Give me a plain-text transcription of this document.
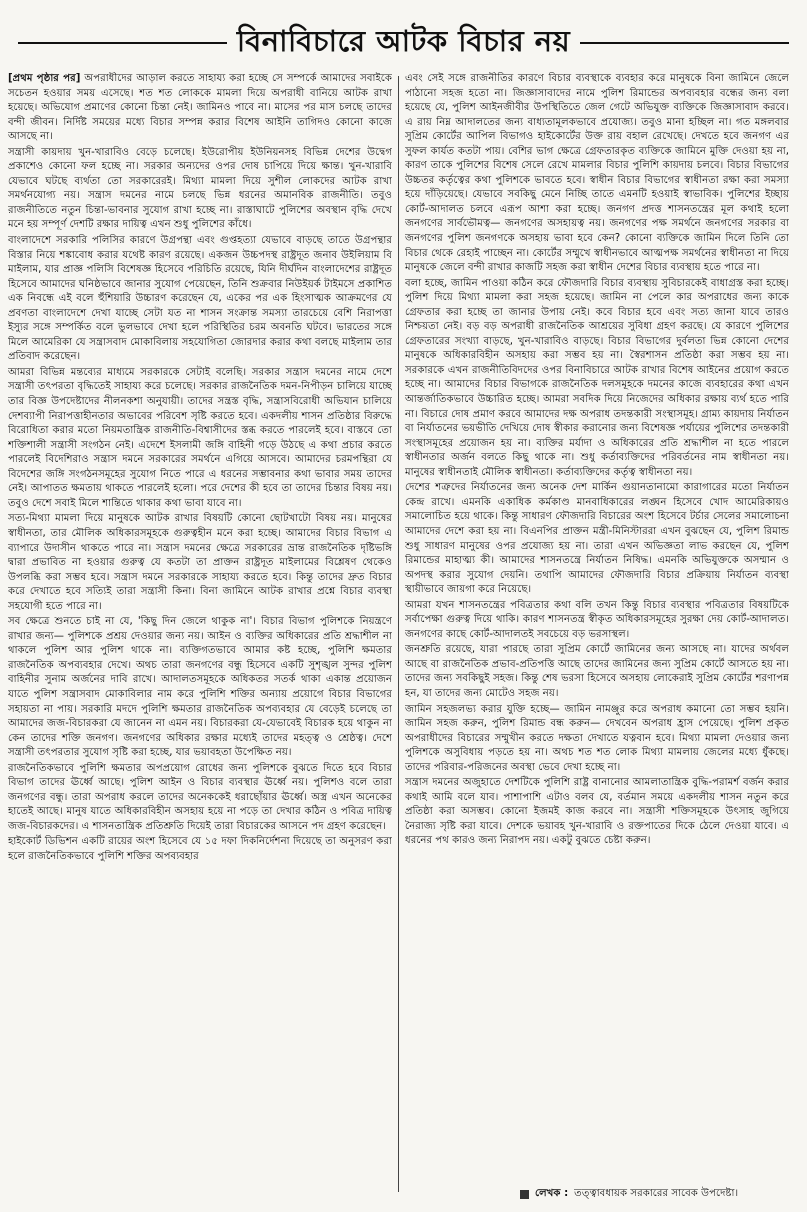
বিনাবিচারে আটক বিচার নয়

[প্রথম পৃষ্ঠার পর] অপরাধীদের আড়াল করতে সাহায্য করা হচ্ছে সে সম্পর্কে আমাদের সবাইকে সচেতন হওয়ার সময় এসেছে। শত শত লোককে মামলা দিয়ে অপরাধী বানিয়ে আটক রাখা হয়েছে। অভিযোগ প্রমাণের কোনো চিন্তা নেই। জামিনও পাবে না। মাসের পর মাস চলছে তাদের বন্দী জীবন। নির্দিষ্ট সময়ের মধ্যে বিচার সম্পন্ন করার বিশেষ আইনি তাগিদও কোনো কাজে আসছে না।

সন্ত্রাসী কায়দায় খুন-খারাবিও বেড়ে চলেছে। ইউরোপীয় ইউনিয়নসহ বিভিন্ন দেশের উদ্বেগ প্রকাশেও কোনো ফল হচ্ছে না। সরকার অন্যদের ওপর দোষ চাপিয়ে দিয়ে ক্ষান্ত। খুন-খারাবি যেভাবে ঘটছে ব্যর্থতা তো সরকারেরই। মিথ্যা মামলা দিয়ে সুশীল লোকদের আটক রাখা সমর্থনযোগ্য নয়। সন্ত্রাস দমনের নামে চলছে ভিন্ন ধরনের অমানবিক রাজনীতি। তবুও রাজনীতিতে নতুন চিন্তা-ভাবনার সুযোগ রাখা হচ্ছে না। রাস্তাঘাটে পুলিশের অবস্থান বৃদ্ধি দেখে মনে হয় সম্পূর্ণ দেশটি রক্ষার দায়িত্ব এখন শুধু পুলিশের কাঁধে।

বাংলাদেশে সরকারি পলিসির কারণে উগ্রপন্থা এবং গুপ্তহত্যা যেভাবে বাড়ছে তাতে উগ্রপন্থার বিস্তার নিয়ে শঙ্কাবোধ করার যথেষ্ট কারণ রয়েছে। একজন উচ্চপদস্থ রাষ্ট্রদূত জনাব উইলিয়াম বি মাইলাম, যার প্রাজ্ঞ পলিসি বিশেষজ্ঞ হিসেবে পরিচিতি রয়েছে, যিনি দীর্ঘদিন বাংলাদেশের রাষ্ট্রদূত হিসেবে আমাদের ঘনিষ্ঠভাবে জানার সুযোগ পেয়েছেন, তিনি শুক্রবার নিউইয়র্ক টাইমসে প্রকাশিত এক নিবন্ধে এই বলে হুঁশিয়ারি উচ্চারণ করেছেন যে, একের পর এক হিংসাত্মক আক্রমণের যে প্রবণতা বাংলাদেশে দেখা যাচ্ছে সেটা যত না শাসন সংক্রান্ত সমস্যা তারচেয়ে বেশি নিরাপত্তা ইস্যুর সঙ্গে সম্পর্কিত বলে ভুলভাবে দেখা হলে পরিস্থিতির চরম অবনতি ঘটবে। ভারতের সঙ্গে মিলে আমেরিকা যে সন্ত্রাসবাদ মোকাবিলায় সহযোগিতা জোরদার করার কথা বলছে মাইলাম তার প্রতিবাদ করেছেন।

আমরা বিভিন্ন মন্তব্যের মাধ্যমে সরকারকে সেটাই বলেছি। সরকার সন্ত্রাস দমনের নামে দেশে সন্ত্রাসী তৎপরতা বৃদ্ধিতেই সাহায্য করে চলেছে। সরকার রাজনৈতিক দমন-নিপীড়ন চালিয়ে যাচ্ছে তার বিজ্ঞ উপদেষ্টাদের নীলনকশা অনুযায়ী। তাদের সন্ত্রস্ত বৃদ্ধি, সন্ত্রাসবিরোধী অভিযান চালিয়ে দেশব্যাপী নিরাপত্তাহীনতার অভাবের পরিবেশ সৃষ্টি করতে হবে। একদলীয় শাসন প্রতিষ্ঠার বিরুদ্ধে বিরোধিতা করার মতো নিয়মতান্ত্রিক রাজনীতি-বিশ্বাসীদের স্তব্ধ করতে পারলেই হবে। বাস্তবে তো শক্তিশালী সন্ত্রাসী সংগঠন নেই। এদেশে ইসলামী জঙ্গি বাহিনী গড়ে উঠছে এ কথা প্রচার করতে পারলেই বিদেশিরাও সন্ত্রাস দমনে সরকারের সমর্থনে এগিয়ে আসবে। আমাদের চরমপন্থিরা যে বিদেশের জঙ্গি সংগঠনসমূহের সুযোগ নিতে পারে এ ধরনের সম্ভাবনার কথা ভাবার সময় তাদের নেই। আপাতত ক্ষমতায় থাকতে পারলেই হলো। পরে দেশের কী হবে তা তাদের চিন্তার বিষয় নয়। তবুও দেশে সবাই মিলে শান্তিতে থাকার কথা ভাবা যাবে না।

সত্য-মিথ্যা মামলা দিয়ে মানুষকে আটক রাখার বিষয়টি কোনো ছোটখাটো বিষয় নয়। মানুষের স্বাধীনতা, তার মৌলিক অধিকারসমূহকে গুরুত্বহীন মনে করা হচ্ছে। আমাদের বিচার বিভাগ এ ব্যাপারে উদাসীন থাকতে পারে না। সন্ত্রাস দমনের ক্ষেত্রে সরকারের ভ্রান্ত রাজনৈতিক দৃষ্টিভঙ্গি দ্বারা প্রভাবিত না হওয়ার গুরুত্ব যে কতটা তা প্রাক্তন রাষ্ট্রদূত মাইলামের বিশ্লেষণ থেকেও উপলব্ধি করা সম্ভব হবে। সন্ত্রাস দমনে সরকারকে সাহায্য করতে হবে। কিন্তু তাদের দ্রুত বিচার করে দেখাতে হবে সত্যিই তারা সন্ত্রাসী কিনা। বিনা জামিনে আটক রাখার প্রশ্নে বিচার ব্যবস্থা সহযোগী হতে পারে না।

সব ক্ষেত্রে শুনতে চাই না যে, 'কিছু দিন জেলে থাকুক না'। বিচার বিভাগ পুলিশকে নিয়ন্ত্রণে রাখার জন্য— পুলিশকে প্রশ্রয় দেওয়ার জন্য নয়। আইন ও ব্যক্তির অধিকারের প্রতি শ্রদ্ধাশীল না থাকলে পুলিশ আর পুলিশ থাকে না। ব্যক্তিগতভাবে আমার কষ্ট হচ্ছে, পুলিশি ক্ষমতার রাজনৈতিক অপব্যবহার দেখে। অথচ তারা জনগণের বন্ধু হিসেবে একটি সুশৃঙ্খল সুন্দর পুলিশ বাহিনীর সুনাম অর্জনের দাবি রাখে। আদালতসমূহকে অধিকতর সতর্ক থাকা একান্ত প্রয়োজন যাতে পুলিশ সন্ত্রাসবাদ মোকাবিলার নাম করে পুলিশি শক্তির অন্যায় প্রয়োগে বিচার বিভাগের সহায়তা না পায়। সরকারি মদদে পুলিশি ক্ষমতার রাজনৈতিক অপব্যবহার যে বেড়েই চলেছে তা আমাদের জজ-বিচারকরা যে জানেন না এমন নয়। বিচারকরা যে-যেভাবেই বিচারক হয়ে থাকুন না কেন তাদের শক্তি জনগণ। জনগণের অধিকার রক্ষার মধ্যেই তাদের মহত্ত্ব ও শ্রেষ্ঠত্ব। দেশে সন্ত্রাসী তৎপরতার সুযোগ সৃষ্টি করা হচ্ছে, যার ভয়াবহতা উপেক্ষিত নয়।

রাজনৈতিকভাবে পুলিশি ক্ষমতার অপপ্রয়োগ রোধের জন্য পুলিশকে বুঝতে দিতে হবে বিচার বিভাগ তাদের ঊর্ধ্বে আছে। পুলিশ আইন ও বিচার ব্যবস্থার ঊর্ধ্বে নয়। পুলিশও বলে তারা জনগণের বন্ধু। তারা অপরাধ করলে তাদের অনেককেই ধরাছোঁয়ার ঊর্ধ্বে। অস্ত্র এখন অনেকের হাতেই আছে। মানুষ যাতে অধিকারবিহীন অসহায় হয়ে না পড়ে তা দেখার কঠিন ও পবিত্র দায়িত্ব জজ-বিচারকদের। এ শাসনতান্ত্রিক প্রতিশ্রুতি দিয়েই তারা বিচারকের আসনে পদ গ্রহণ করেছেন।

হাইকোর্ট ডিভিশন একটি রায়ের অংশ হিসেবে যে ১৫ দফা দিকনির্দেশনা দিয়েছে তা অনুসরণ করা হলে রাজনৈতিকভাবে পুলিশি শক্তির অপব্যবহার

এবং সেই সঙ্গে রাজনীতির কারণে বিচার ব্যবস্থাকে ব্যবহার করে মানুষকে বিনা জামিনে জেলে পাঠানো সহজ হতো না। জিজ্ঞাসাবাদের নামে পুলিশ রিমান্ডের অপব্যবহার বন্ধের জন্য বলা হয়েছে যে, পুলিশ আইনজীবীর উপস্থিতিতে জেল গেটে অভিযুক্ত ব্যক্তিকে জিজ্ঞাসাবাদ করবে। এ রায় নিম্ন আদালতের জন্য বাধ্যতামূলকভাবে প্রযোজ্য। তবুও মানা হচ্ছিল না। গত মঙ্গলবার সুপ্রিম কোর্টের আপিল বিভাগও হাইকোর্টের উক্ত রায় বহাল রেখেছে। দেখতে হবে জনগণ এর সুফল কার্যত কতটা পায়। বেশির ভাগ ক্ষেত্রে গ্রেফতারকৃত ব্যক্তিকে জামিনে মুক্তি দেওয়া হয় না, কারণ তাকে পুলিশের বিশেষ সেলে রেখে মামলার বিচার পুলিশি কায়দায় চলবে। বিচার বিভাগের উচ্চতর কর্তৃত্বের কথা পুলিশকে ভাবতে হবে। স্বাধীন বিচার বিভাগের স্বাধীনতা রক্ষা করা সমস্যা হয়ে দাঁড়িয়েছে। যেভাবে সবকিছু মেনে নিচ্ছি তাতে এমনটি হওয়াই স্বাভাবিক। পুলিশের ইচ্ছায় কোর্ট-আদালত চলবে এরূপ আশা করা হচ্ছে। জনগণ প্রদত্ত শাসনতন্ত্রের মূল কথাই হলো জনগণের সার্বভৌমত্ব— জনগণের অসহায়ত্ব নয়। জনগণের পক্ষ সমর্থনে জনগণের সরকার বা জনগণের পুলিশ জনগণকে অসহায় ভাবা হবে কেন? কোনো ব্যক্তিকে জামিন দিলে তিনি তো বিচার থেকে রেহাই পাচ্ছেন না। কোর্টের সম্মুখে স্বাধীনভাবে আত্মপক্ষ সমর্থনের স্বাধীনতা না দিয়ে মানুষকে জেলে বন্দী রাখার কাজটি সহজ করা স্বাধীন দেশের বিচার ব্যবস্থায় হতে পারে না।

বলা হচ্ছে, জামিন পাওয়া কঠিন করে ফৌজদারি বিচার ব্যবস্থায় সুবিচারকেই বাধাগ্রস্ত করা হচ্ছে। পুলিশ দিয়ে মিথ্যা মামলা করা সহজ হয়েছে। জামিন না পেলে কার অপরাধের জন্য কাকে গ্রেফতার করা হচ্ছে তা জানার উপায় নেই। কবে বিচার হবে এবং সত্য জানা যাবে তারও নিশ্চয়তা নেই। বড় বড় অপরাধী রাজনৈতিক আশ্রয়ের সুবিধা গ্রহণ করছে। যে কারণে পুলিশের গ্রেফতারের সংখ্যা বাড়ছে, খুন-খারাবিও বাড়ছে। বিচার বিভাগের দুর্বলতা ভিন্ন কোনো দেশের মানুষকে অধিকারবিহীন অসহায় করা সম্ভব হয় না। স্বৈরশাসন প্রতিষ্ঠা করা সম্ভব হয় না। সরকারকে এখন রাজনীতিবিদদের ওপর বিনাবিচারে আটক রাখার বিশেষ আইনের প্রয়োগ করতে হচ্ছে না। আমাদের বিচার বিভাগকে রাজনৈতিক দলসমূহকে দমনের কাজে ব্যবহারের কথা এখন আন্তর্জাতিকভাবে উচ্চারিত হচ্ছে। আমরা সবদিক দিয়ে নিজেদের অধিকার রক্ষায় ব্যর্থ হতে পারি না। বিচারে দোষ প্রমাণ করবে আমাদের দক্ষ অপরাধ তদন্তকারী সংস্থাসমূহ। গ্রাম্য কায়দায় নির্যাতন বা নির্যাতনের ভয়ভীতি দেখিয়ে দোষ স্বীকার করানোর জন্য বিশেষজ্ঞ পর্যায়ের পুলিশের তদন্তকারী সংস্থাসমূহের প্রয়োজন হয় না। ব্যক্তির মর্যাদা ও অধিকারের প্রতি শ্রদ্ধাশীল না হতে পারলে স্বাধীনতার অর্জন বলতে কিছু থাকে না। শুধু কর্তাব্যক্তিদের পরিবর্তনের নাম স্বাধীনতা নয়। মানুষের স্বাধীনতাই মৌলিক স্বাধীনতা। কর্তাব্যক্তিদের কর্তৃত্ব স্বাধীনতা নয়।

দেশের শত্রুদের নির্যাতনের জন্য অনেক দেশ মার্কিন গুয়ানতানামো কারাগারের মতো নির্যাতন কেন্দ্র রাখে। এমনকি একাধিক কর্মকাণ্ড মানবাধিকারের লঙ্ঘন হিসেবে খোদ আমেরিকায়ও সমালোচিত হয়ে থাকে। কিন্তু সাধারণ ফৌজদারি বিচারের অংশ হিসেবে টর্চার সেলের সমালোচনা আমাদের দেশে করা হয় না। বিএনপির প্রাক্তন মন্ত্রী-মিনিস্টাররা এখন বুঝছেন যে, পুলিশ রিমান্ড শুধু সাধারণ মানুষের ওপর প্রযোজ্য হয় না। তারা এখন অভিজ্ঞতা লাভ করছেন যে, পুলিশ রিমান্ডের মাহাত্ম্য কী। আমাদের শাসনতন্ত্রে নির্যাতন নিষিদ্ধ। এমনকি অভিযুক্তকে অসম্মান ও অপদস্থ করার সুযোগ দেয়নি। তথাপি আমাদের ফৌজদারি বিচার প্রক্রিয়ায় নির্যাতন ব্যবস্থা স্থায়ীভাবে জায়গা করে নিয়েছে।

আমরা যখন শাসনতন্ত্রের পবিত্রতার কথা বলি তখন কিন্তু বিচার ব্যবস্থার পবিত্রতার বিষয়টিকে সর্বাপেক্ষা গুরুত্ব দিয়ে থাকি। কারণ শাসনতন্ত্র স্বীকৃত অধিকারসমূহের সুরক্ষা দেয় কোর্ট-আদালত। জনগণের কাছে কোর্ট-আদালতই সবচেয়ে বড় ভরসাস্থল।

জনশ্রুতি রয়েছে, যারা পারছে তারা সুপ্রিম কোর্টে জামিনের জন্য আসছে না। যাদের অর্থবল আছে বা রাজনৈতিক প্রভাব-প্রতিপত্তি আছে তাদের জামিনের জন্য সুপ্রিম কোর্টে আসতে হয় না। তাদের জন্য সবকিছুই সহজ। কিন্তু শেষ ভরসা হিসেবে অসহায় লোকেরাই সুপ্রিম কোর্টের শরণাপন্ন হন, যা তাদের জন্য মোটেও সহজ নয়।

জামিন সহজলভ্য করার যুক্তি হচ্ছে— জামিন নামঞ্জুর করে অপরাধ কমানো তো সম্ভব হয়নি। জামিন সহজ করুন, পুলিশ রিমান্ড বন্ধ করুন— দেখবেন অপরাধ হ্রাস পেয়েছে। পুলিশ প্রকৃত অপরাধীদের বিচারের সম্মুখীন করতে দক্ষতা দেখাতে যত্নবান হবে। মিথ্যা মামলা দেওয়ার জন্য পুলিশকে অসুবিধায় পড়তে হয় না। অথচ শত শত লোক মিথ্যা মামলায় জেলের মধ্যে ধুঁকছে। তাদের পরিবার-পরিজনের অবস্থা ভেবে দেখা হচ্ছে না।

সন্ত্রাস দমনের অজুহাতে দেশটিকে পুলিশি রাষ্ট্র বানানোর আমলাতান্ত্রিক বুদ্ধি-পরামর্শ বর্জন করার কথাই আমি বলে যাব। পাশাপাশি এটাও বলব যে, বর্তমান সময়ে একদলীয় শাসন নতুন করে প্রতিষ্ঠা করা অসম্ভব। কোনো ইজমই কাজ করবে না। সন্ত্রাসী শক্তিসমূহকে উৎসাহ জুগিয়ে নৈরাজ্য সৃষ্টি করা যাবে। দেশকে ভয়াবহ খুন-খারাবি ও রক্তপাতের দিকে ঠেলে দেওয়া যাবে। এ ধরনের পথ কারও জন্য নিরাপদ নয়। একটু বুঝতে চেষ্টা করুন।

লেখক : তত্ত্বাবধায়ক সরকারের সাবেক উপদেষ্টা।
